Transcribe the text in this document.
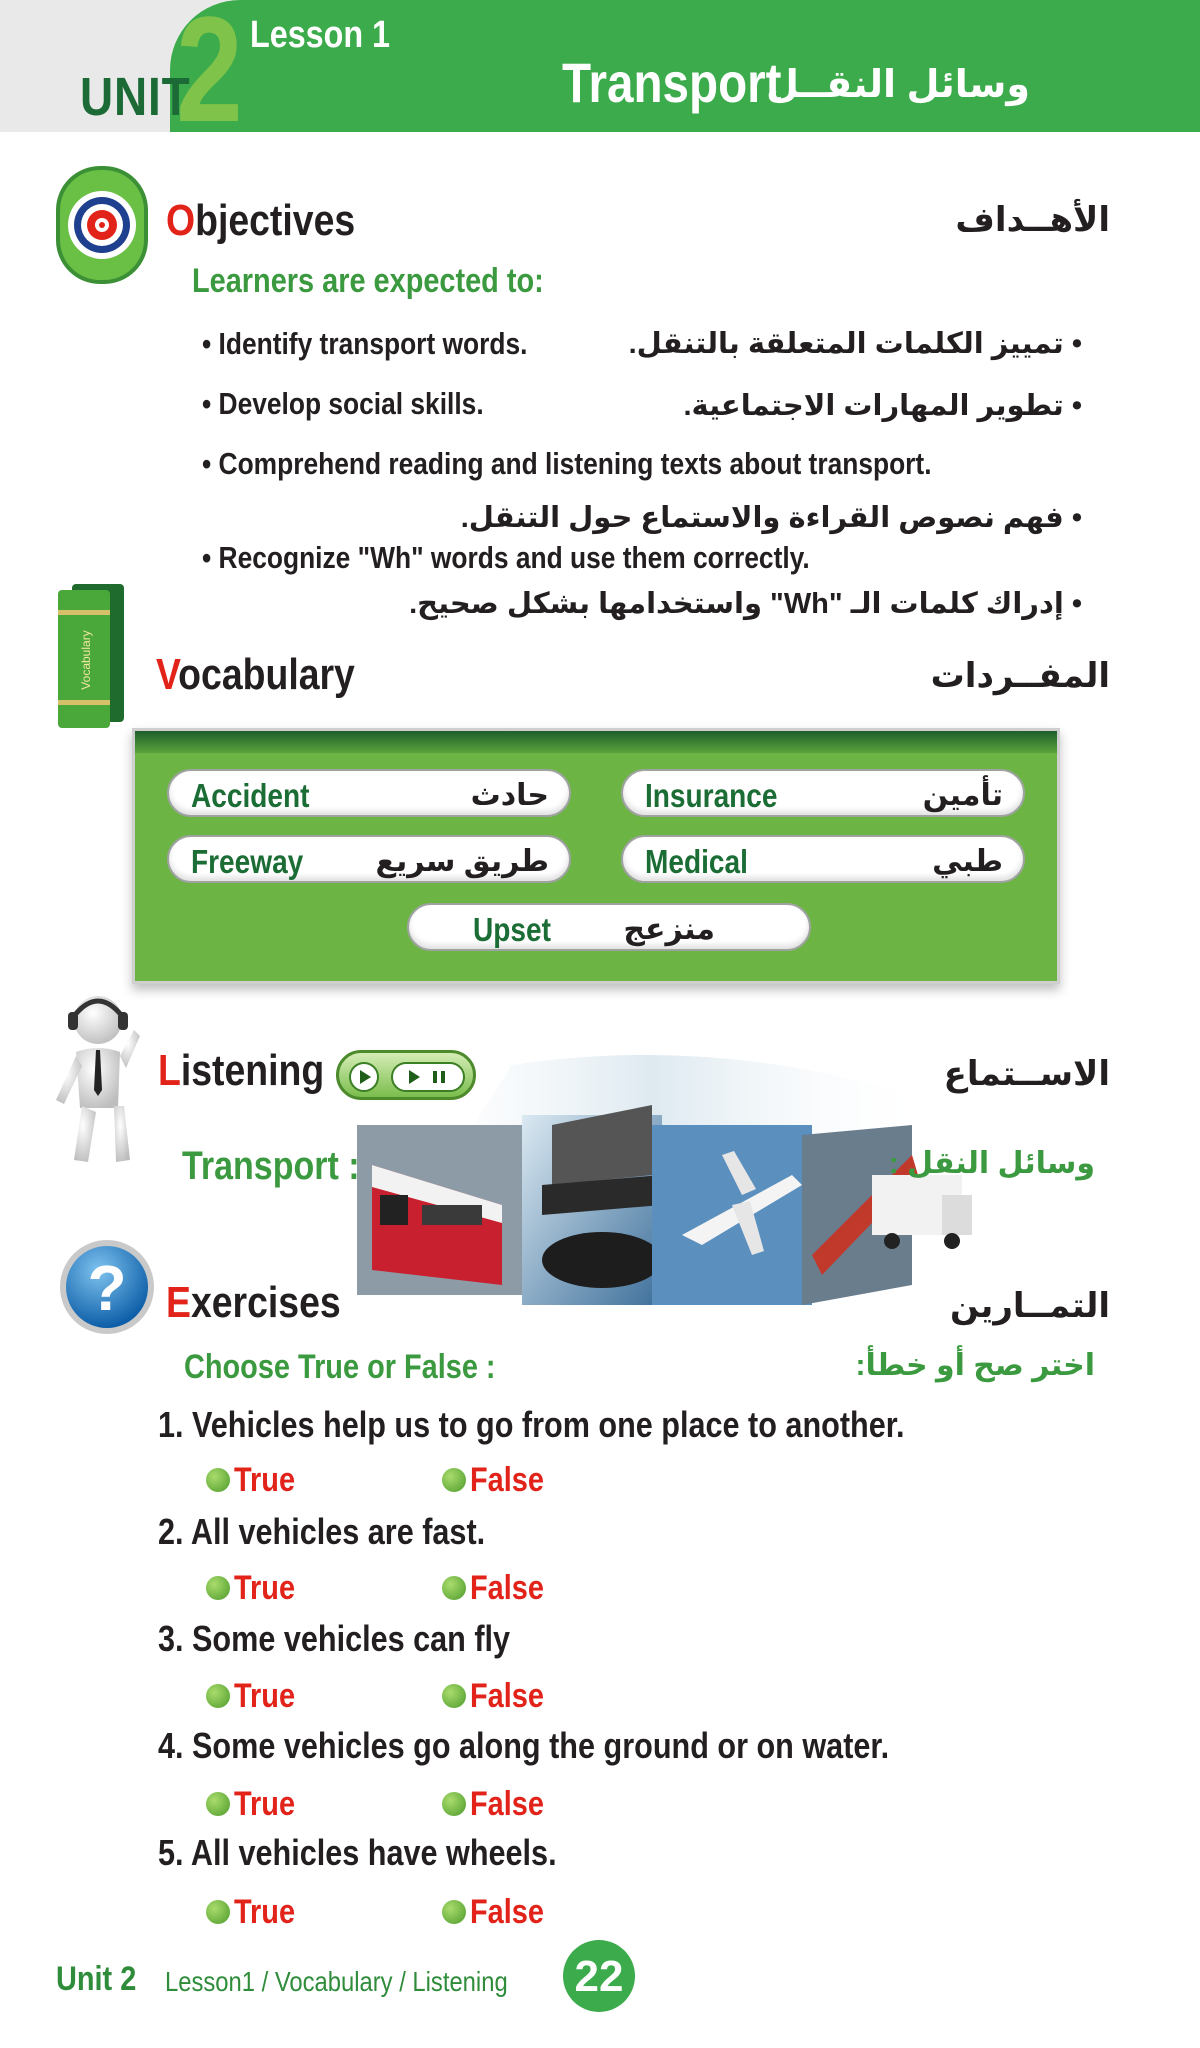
2
UNIT
Lesson 1
Transport
وسائل النقــل
Objectives	الأهــداف
Learners are expected to:
• Identify transport words.	• تمييز الكلمات المتعلقة بالتنقل.
• Develop social skills.	• تطوير المهارات الاجتماعية.
• Comprehend reading and listening texts about transport.
• فهم نصوص القراءة والاستماع حول التنقل.
• Recognize "Wh" words and use them correctly.
• إدراك كلمات الـ "Wh" واستخدامها بشكل صحيح.
Vocabulary Vocabulary	المفــردات
Accident	حادث	Insurance	تأمين
Freeway طريق سريع	Medical	طبي
Upset منزعج
Listening	الاســتماع
Transport :	وسائل النقل :
? Exercises	التمــارين
Choose True or False :	اختر صح أو خطأ:
1. Vehicles help us to go from one place to another.
True	False
2. All vehicles are fast.
True	False
3. Some vehicles can fly
True	False
4. Some vehicles go along the ground or on water.
True	False
5. All vehicles have wheels.
True	False
Unit 2 Lesson1 / Vocabulary / Listening 22
